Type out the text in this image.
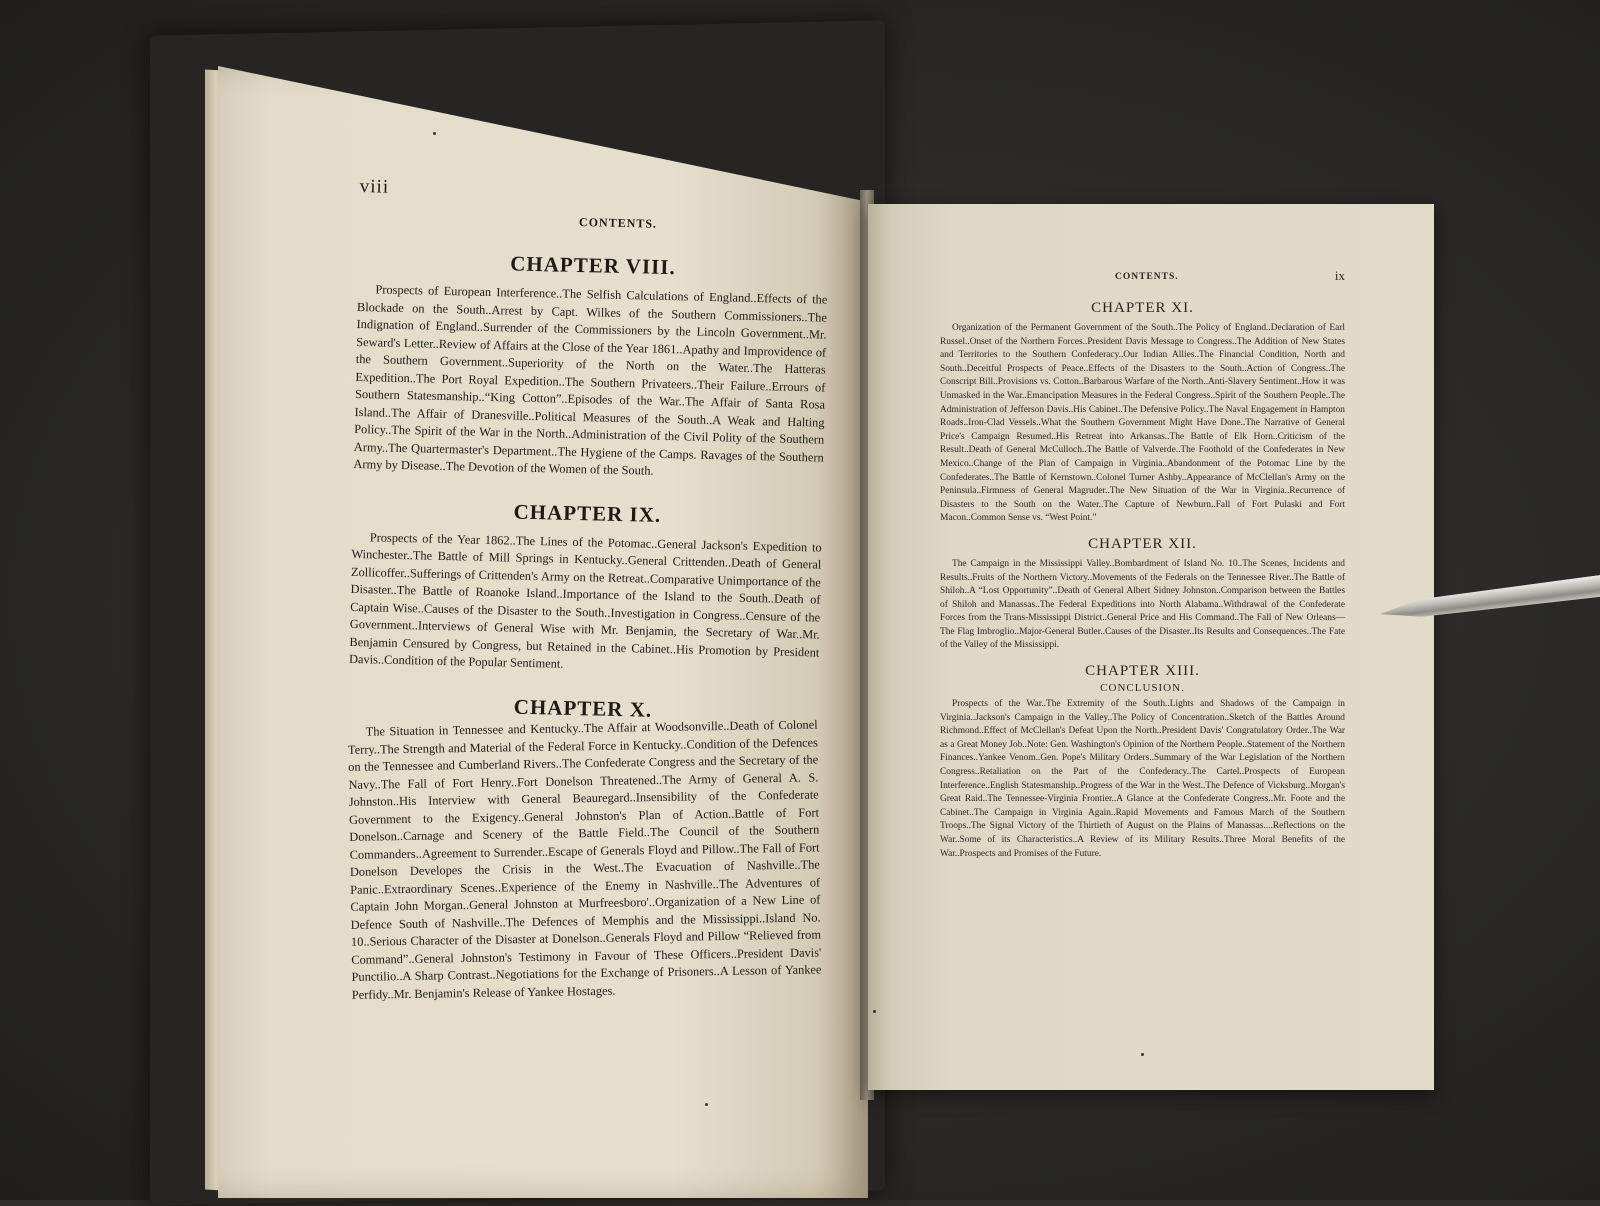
viii
CONTENTS.
CHAPTER VIII.

Prospects of European Interference..The Selfish Calculations of England..Effects of the Blockade on the South..Arrest by Capt. Wilkes of the Southern Commissioners..The Indignation of England..Surrender of the Commissioners by the Lincoln Government..Mr. Seward's Letter..Review of Affairs at the Close of the Year 1861..Apathy and Improvidence of the Southern Government..Superiority of the North on the Water..The Hatteras Expedition..The Port Royal Expedition..The Southern Privateers..Their Failure..Errours of Southern Statesmanship..“King Cotton”..Episodes of the War..The Affair of Santa Rosa Island..The Affair of Dranesville..Political Measures of the South..A Weak and Halting Policy..The Spirit of the War in the North..Administration of the Civil Polity of the Southern Army..The Quartermaster's Department..The Hygiene of the Camps. Ravages of the Southern Army by Disease..The Devotion of the Women of the South.

CHAPTER IX.

Prospects of the Year 1862..The Lines of the Potomac..General Jackson's Expedition to Winchester..The Battle of Mill Springs in Kentucky..General Crittenden..Death of General Zollicoffer..Sufferings of Crittenden's Army on the Retreat..Comparative Unimportance of the Disaster..The Battle of Roanoke Island..Importance of the Island to the South..Death of Captain Wise..Causes of the Disaster to the South..Investigation in Congress..Censure of the Government..Interviews of General Wise with Mr. Benjamin, the Secretary of War..Mr. Benjamin Censured by Congress, but Retained in the Cabinet..His Promotion by President Davis..Condition of the Popular Sentiment.

CHAPTER X.

The Situation in Tennessee and Kentucky..The Affair at Woodsonville..Death of Colonel Terry..The Strength and Material of the Federal Force in Kentucky..Condition of the Defences on the Tennessee and Cumberland Rivers..The Confederate Congress and the Secretary of the Navy..The Fall of Fort Henry..Fort Donelson Threatened..The Army of General A. S. Johnston..His Interview with General Beauregard..Insensibility of the Confederate Government to the Exigency..General Johnston's Plan of Action..Battle of Fort Donelson..Carnage and Scenery of the Battle Field..The Council of the Southern Commanders..Agreement to Surrender..Escape of Generals Floyd and Pillow..The Fall of Fort Donelson Developes the Crisis in the West..The Evacuation of Nashville..The Panic..Extraordinary Scenes..Experience of the Enemy in Nashville..The Adventures of Captain John Morgan..General Johnston at Murfreesboro'..Organization of a New Line of Defence South of Nashville..The Defences of Memphis and the Mississippi..Island No. 10..Serious Character of the Disaster at Donelson..Generals Floyd and Pillow “Relieved from Command”..General Johnston's Testimony in Favour of These Officers..President Davis' Punctilio..A Sharp Contrast..Negotiations for the Exchange of Prisoners..A Lesson of Yankee Perfidy..Mr. Benjamin's Release of Yankee Hostages.

CONTENTS.	ix
CHAPTER XI.

Organization of the Permanent Government of the South..The Policy of England..Declaration of Earl Russel..Onset of the Northern Forces..President Davis Message to Congress..The Addition of New States and Territories to the Southern Confederacy..Our Indian Allies..The Financial Condition, North and South..Deceitful Prospects of Peace..Effects of the Disasters to the South..Action of Congress..The Conscript Bill..Provisions vs. Cotton..Barbarous Warfare of the North..Anti-Slavery Sentiment..How it was Unmasked in the War..Emancipation Measures in the Federal Congress..Spirit of the Southern People..The Administration of Jefferson Davis..His Cabinet..The Defensive Policy..The Naval Engagement in Hampton Roads..Iron-Clad Vessels..What the Southern Government Might Have Done..The Narrative of General Price's Campaign Resumed..His Retreat into Arkansas..The Battle of Elk Horn..Criticism of the Result..Death of General McCulloch..The Battle of Valverde..The Foothold of the Confederates in New Mexico..Change of the Plan of Campaign in Virginia..Abandonment of the Potomac Line by the Confederates..The Battle of Kernstown..Colonel Turner Ashby..Appearance of McClellan's Army on the Peninsula..Firmness of General Magruder..The New Situation of the War in Virginia..Recurrence of Disasters to the South on the Water..The Capture of Newburn..Fall of Fort Pulaski and Fort Macon..Common Sense vs. “West Point.”

CHAPTER XII.

The Campaign in the Mississippi Valley..Bombardment of Island No. 10..The Scenes, Incidents and Results..Fruits of the Northern Victory..Movements of the Federals on the Tennessee River..The Battle of Shiloh..A “Lost Opportunity”..Death of General Albert Sidney Johnston..Comparison between the Battles of Shiloh and Manassas..The Federal Expeditions into North Alabama..Withdrawal of the Confederate Forces from the Trans-Mississippi District..General Price and His Command..The Fall of New Orleans—The Flag Imbroglio..Major-General Butler..Causes of the Disaster..Its Results and Consequences..The Fate of the Valley of the Mississippi.

CHAPTER XIII.
CONCLUSION.

Prospects of the War..The Extremity of the South..Lights and Shadows of the Campaign in Virginia..Jackson's Campaign in the Valley..The Policy of Concentration..Sketch of the Battles Around Richmond..Effect of McClellan's Defeat Upon the North..President Davis' Congratulatory Order..The War as a Great Money Job..Note: Gen. Washington's Opinion of the Northern People..Statement of the Northern Finances..Yankee Venom..Gen. Pope's Military Orders..Summary of the War Legislation of the Northern Congress..Retaliation on the Part of the Confederacy..The Cartel..Prospects of European Interference..English Statesmanship..Progress of the War in the West..The Defence of Vicksburg..Morgan's Great Raid..The Tennessee-Virginia Frontier..A Glance at the Confederate Congress..Mr. Foote and the Cabinet..The Campaign in Virginia Again..Rapid Movements and Famous March of the Southern Troops..The Signal Victory of the Thirtieth of August on the Plains of Manassas....Reflections on the War..Some of its Characteristics..A Review of its Military Results..Three Moral Benefits of the War..Prospects and Promises of the Future.
